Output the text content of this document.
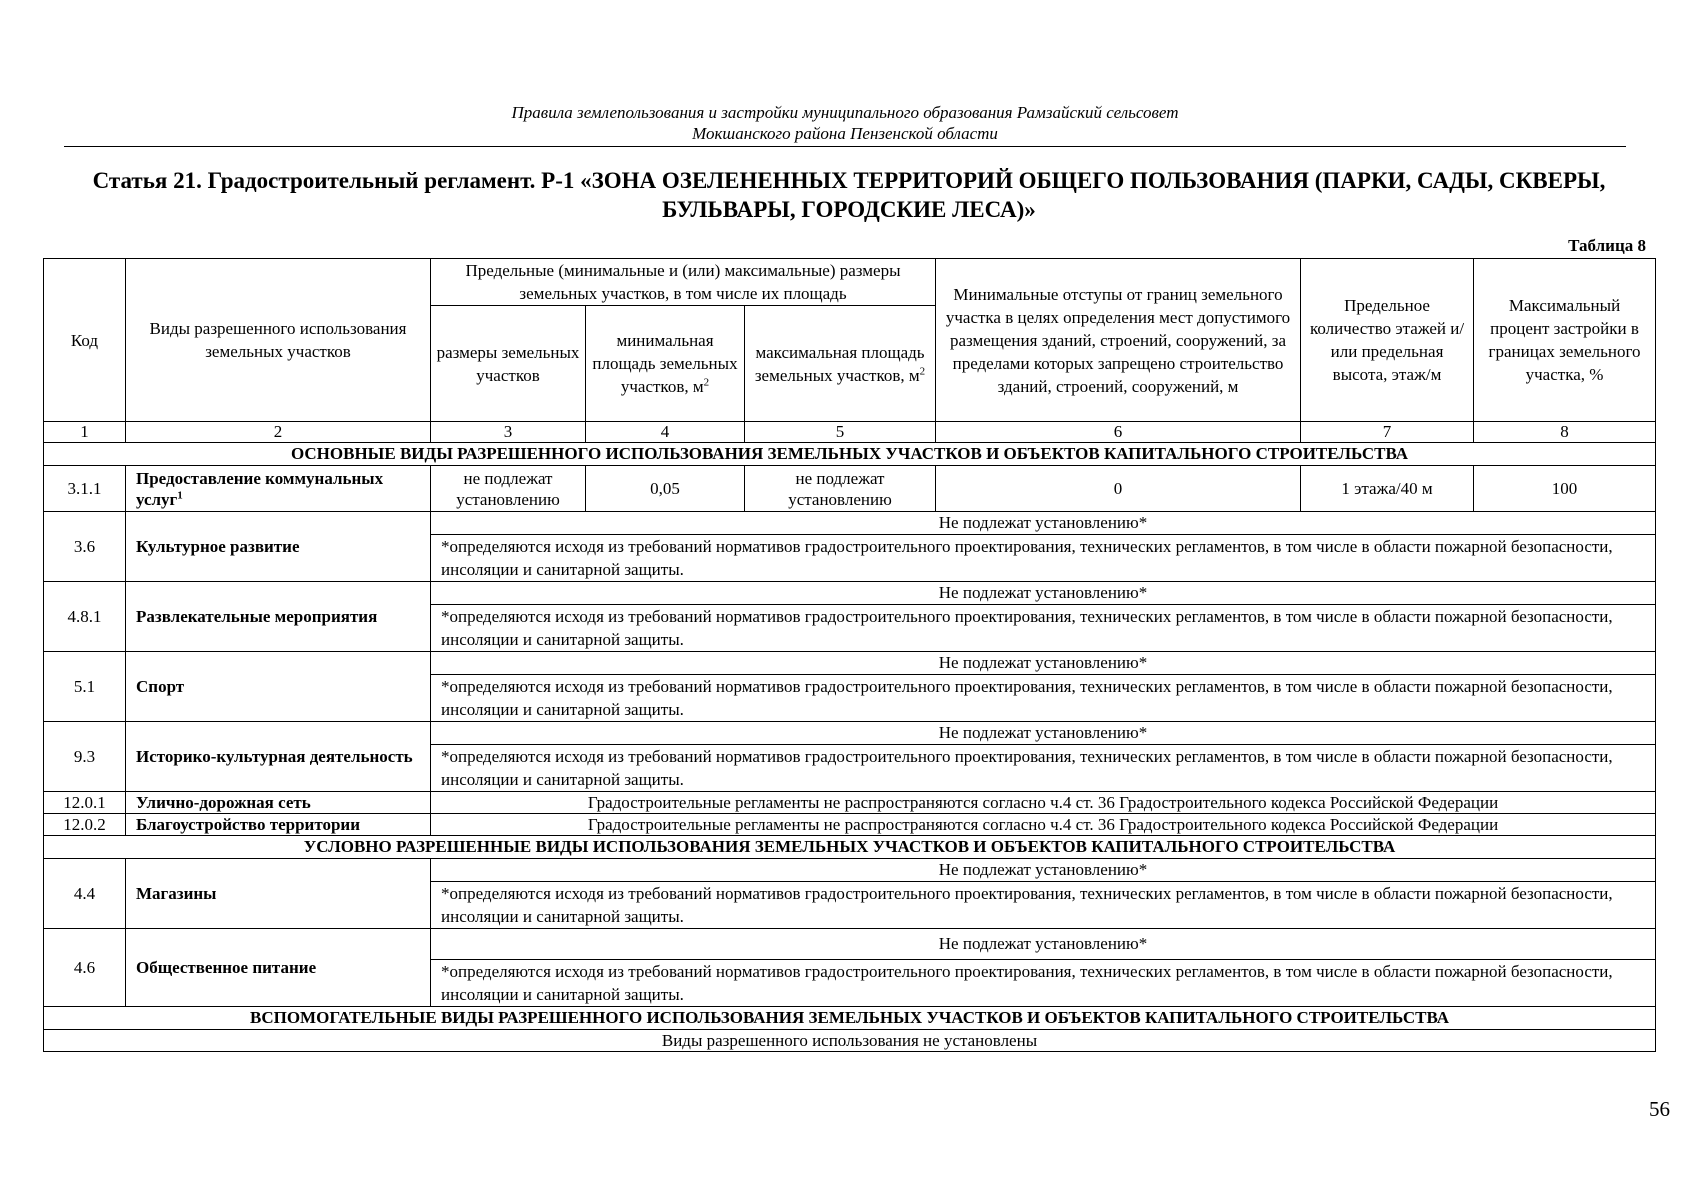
Правила землепользования и застройки муниципального образования Рамзайский сельсовет
Мокшанского района Пензенской области
Статья 21. Градостроительный регламент. Р-1 «ЗОНА ОЗЕЛЕНЕННЫХ ТЕРРИТОРИЙ ОБЩЕГО ПОЛЬЗОВАНИЯ (ПАРКИ, САДЫ, СКВЕРЫ,
БУЛЬВАРЫ, ГОРОДСКИЕ ЛЕСА)»
Таблица 8
Код	Виды разрешенного использования земельных участков	Предельные (минимальные и (или) максимальные) размеры земельных участков, в том числе их площадь			Минимальные отступы от границ земельного участка в целях определения мест допустимого размещения зданий, строений, сооружений, за пределами которых запрещено строительство зданий, строений, сооружений, м	Предельное количество этажей и/или предельная высота, этаж/м	Максимальный процент застройки в границах земельного участка, %
		размеры земельных участков	минимальная площадь земельных участков, $м^2$	максимальная площадь земельных участков, $м^2$
1	2	3	4	5	6	7	8
ОСНОВНЫЕ ВИДЫ РАЗРЕШЕННОГО ИСПОЛЬЗОВАНИЯ ЗЕМЕЛЬНЫХ УЧАСТКОВ И ОБЪЕКТОВ КАПИТАЛЬНОГО СТРОИТЕЛЬСТВА							
3.1.1	Предоставление коммунальных услуг$^1$	не подлежат установлению	0,05	не подлежат установлению	0	1 этажа/40 м	100
3.6	Культурное развитие	Не подлежат установлению*					
		*определяются исходя из требований нормативов градостроительного проектирования, технических регламентов, в том числе в области пожарной безопасности, инсоляции и санитарной защиты.					
4.8.1	Развлекательные мероприятия	Не подлежат установлению*					
		*определяются исходя из требований нормативов градостроительного проектирования, технических регламентов, в том числе в области пожарной безопасности, инсоляции и санитарной защиты.					
5.1	Спорт	Не подлежат установлению*					
		*определяются исходя из требований нормативов градостроительного проектирования, технических регламентов, в том числе в области пожарной безопасности, инсоляции и санитарной защиты.					
9.3	Историко-культурная деятельность	Не подлежат установлению*					
		*определяются исходя из требований нормативов градостроительного проектирования, технических регламентов, в том числе в области пожарной безопасности, инсоляции и санитарной защиты.					
12.0.1	Улично-дорожная сеть	Градостроительные регламенты не распространяются согласно ч.4 ст. 36 Градостроительного кодекса Российской Федерации					
12.0.2	Благоустройство территории	Градостроительные регламенты не распространяются согласно ч.4 ст. 36 Градостроительного кодекса Российской Федерации					
УСЛОВНО РАЗРЕШЕННЫЕ ВИДЫ ИСПОЛЬЗОВАНИЯ ЗЕМЕЛЬНЫХ УЧАСТКОВ И ОБЪЕКТОВ КАПИТАЛЬНОГО СТРОИТЕЛЬСТВА							
4.4	Магазины	Не подлежат установлению*					
		*определяются исходя из требований нормативов градостроительного проектирования, технических регламентов, в том числе в области пожарной безопасности, инсоляции и санитарной защиты.					
4.6	Общественное питание	Не подлежат установлению*					
		*определяются исходя из требований нормативов градостроительного проектирования, технических регламентов, в том числе в области пожарной безопасности, инсоляции и санитарной защиты.					
ВСПОМОГАТЕЛЬНЫЕ ВИДЫ РАЗРЕШЕННОГО ИСПОЛЬЗОВАНИЯ ЗЕМЕЛЬНЫХ УЧАСТКОВ И ОБЪЕКТОВ КАПИТАЛЬНОГО СТРОИТЕЛЬСТВА							
Виды разрешенного использования не установлены							
56
